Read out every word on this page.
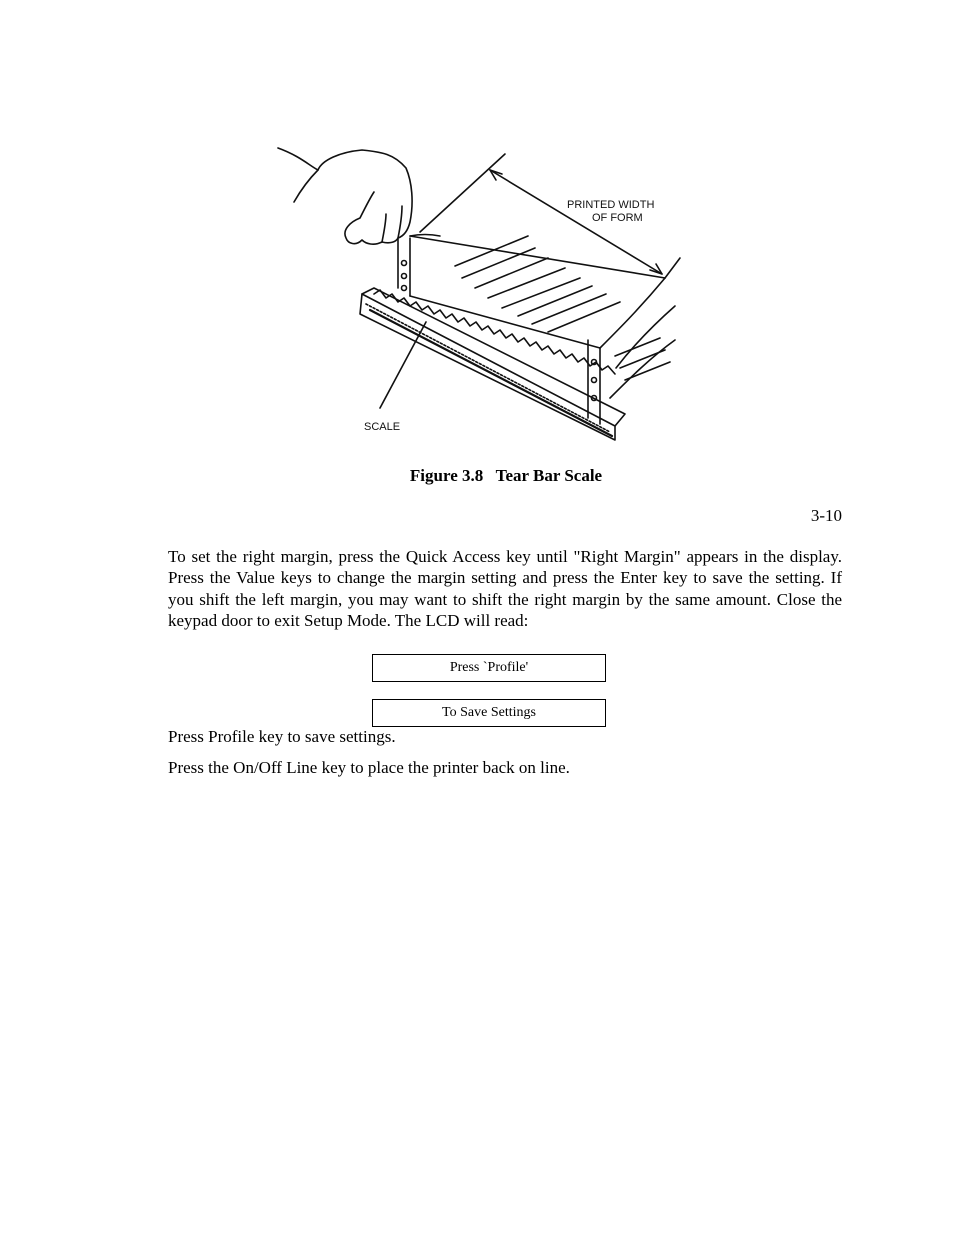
PRINTED WIDTH
OF FORM
SCALE
Figure 3.8   Tear Bar Scale
3-10

To set the right margin, press the Quick Access key until "Right Margin" appears in the display. Press the Value keys to change the margin setting and press the Enter key to save the setting. If you shift the left margin, you may want to shift the right margin by the same amount. Close the keypad door to exit Setup Mode. The LCD will read:

Press `Profile'
To Save Settings

Press Profile key to save settings.

Press the On/Off Line key to place the printer back on line.
